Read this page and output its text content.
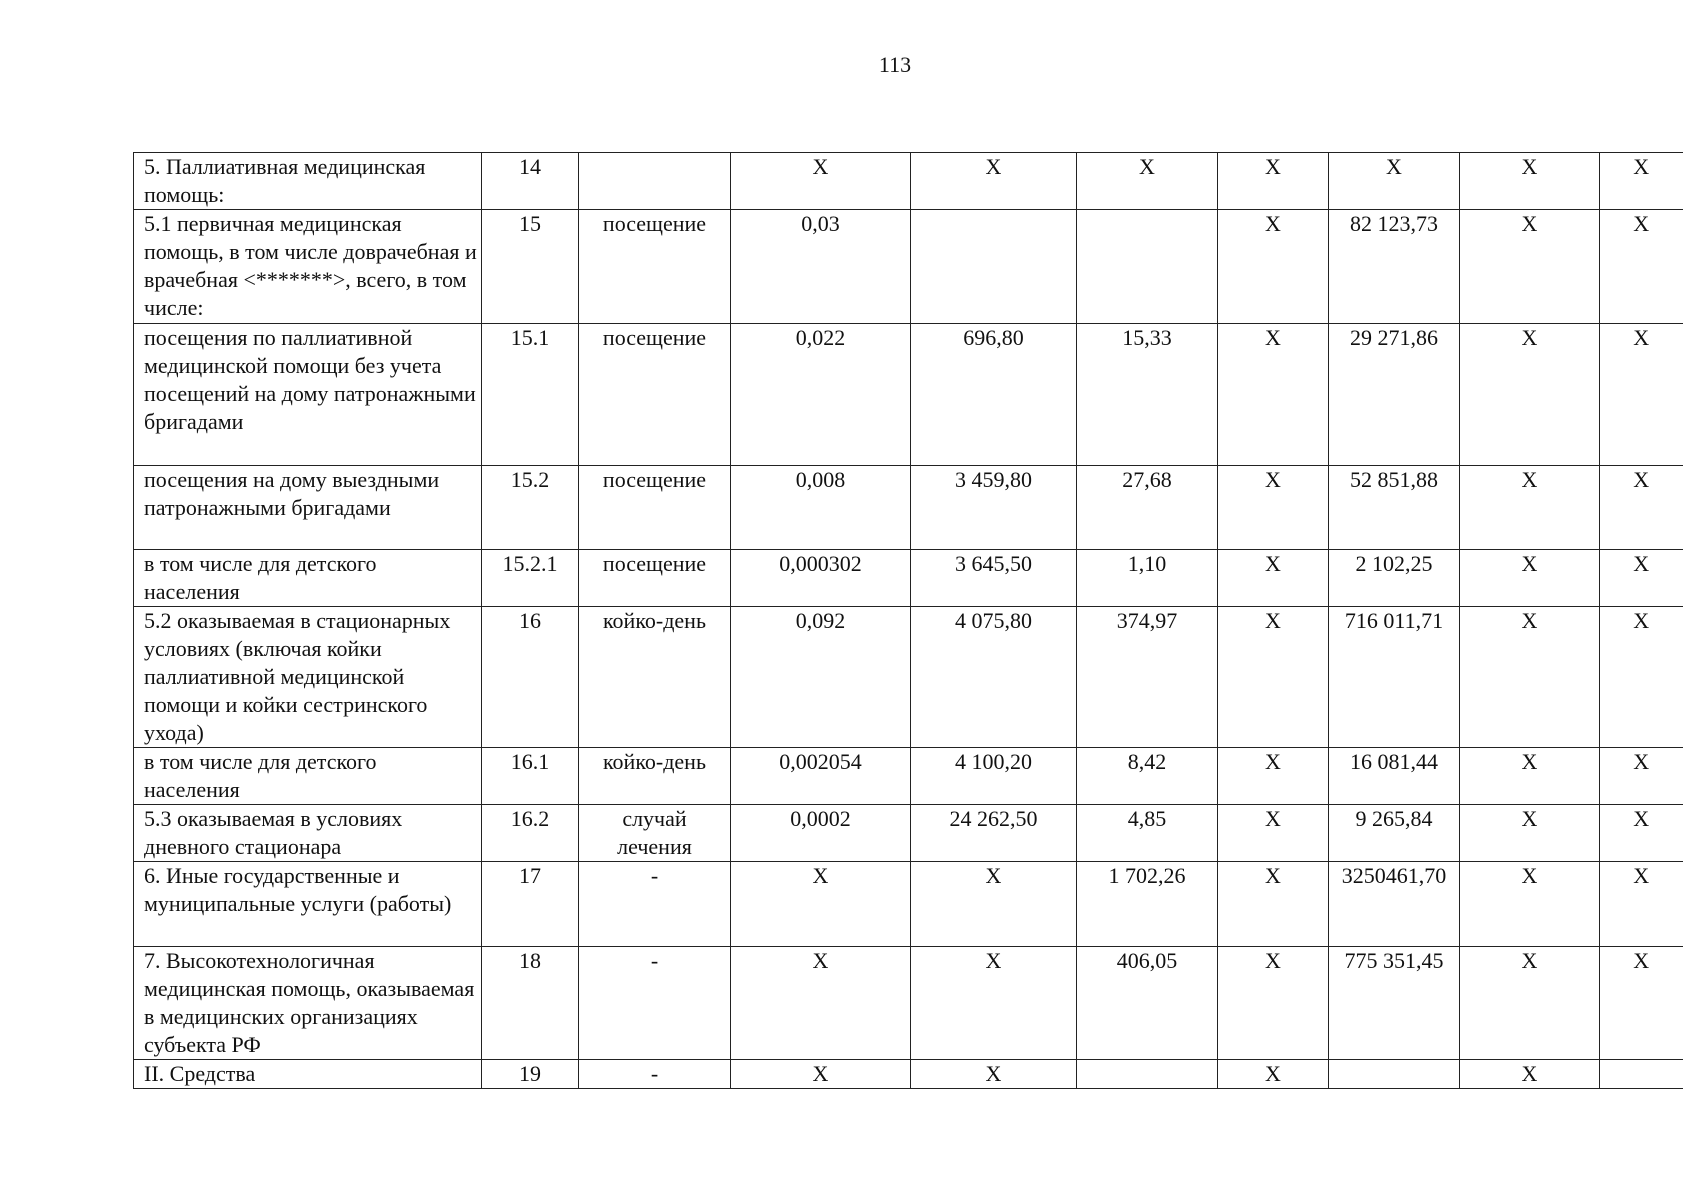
113
5. Паллиативная медицинская помощь:	14		Х	Х	Х	Х	Х	Х	Х
5.1 первичная медицинская помощь, в том числе доврачебная и врачебная <*******>, всего, в том числе:	15	посещение	0,03			Х	82 123,73	Х	Х
посещения по паллиативной медицинской помощи без учета посещений на дому патронажными бригадами	15.1	посещение	0,022	696,80	15,33	Х	29 271,86	Х	Х
посещения на дому выездными патронажными бригадами	15.2	посещение	0,008	3 459,80	27,68	Х	52 851,88	Х	Х
в том числе для детского населения	15.2.1	посещение	0,000302	3 645,50	1,10	Х	2 102,25	Х	Х
5.2 оказываемая в стационарных условиях (включая койки паллиативной медицинской помощи и койки сестринского ухода)	16	койко-день	0,092	4 075,80	374,97	Х	716 011,71	Х	Х
в том числе для детского населения	16.1	койко-день	0,002054	4 100,20	8,42	Х	16 081,44	Х	Х
5.3 оказываемая в условиях дневного стационара	16.2	случай лечения	0,0002	24 262,50	4,85	Х	9 265,84	Х	Х
6. Иные государственные и муниципальные услуги (работы)	17	-	Х	Х	1 702,26	Х	3250461,70	Х	Х
7. Высокотехнологичная медицинская помощь, оказываемая в медицинских организациях субъекта РФ	18	-	Х	Х	406,05	Х	775 351,45	Х	Х
II. Средства	19	-	Х	Х		Х		Х	
